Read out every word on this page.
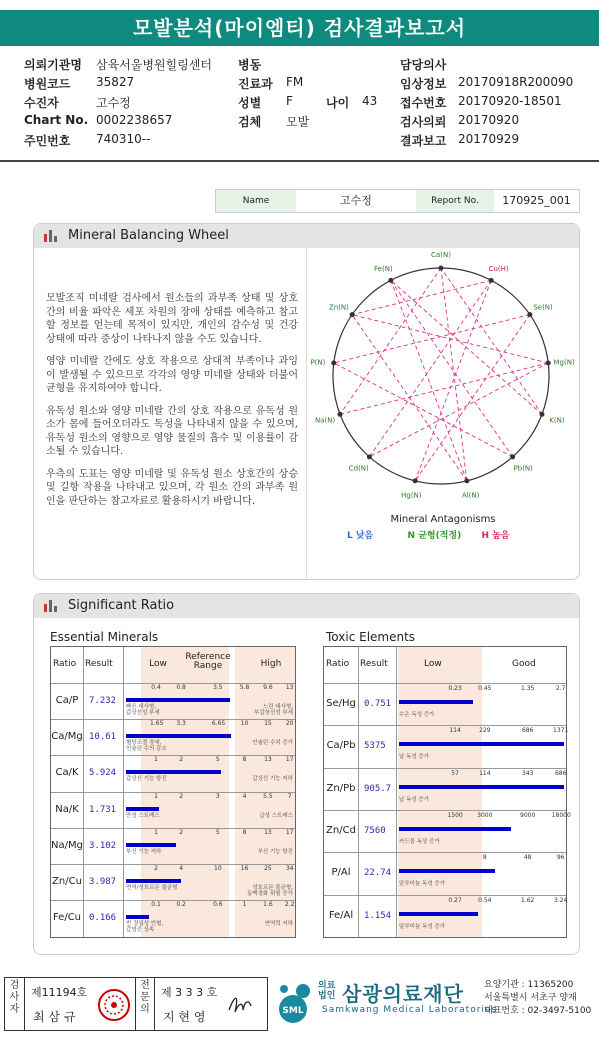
모발분석(마이엠티) 검사결과보고서
의뢰기관명 삼육서울병원힐링센터 병동	담당의사
병원코드 35827	진료과 FM	임상정보 20170918R200090
수진자	고수정	성별 F	나이 43 접수번호 20170920-18501
Chart No. 0002238657	검체 모발	검사의뢰 20170920
주민번호 740310--	결과보고 20170929
Name	고수정	Report No.	170925_001
Mineral Balancing Wheel

모발조직 미네랄 검사에서 원소들의 과부족 상태 및 상호간의 비율 파악은 세포 차원의 장애 상태를 예측하고 참고할 정보를 얻는데 목적이 있지만, 개인의 감수성 및 건강 상태에 따라 증상이 나타나지 않을 수도 있습니다.

영양 미네랄 간에도 상호 작용으로 상대적 부족이나 과잉이 발생될 수 있으므로 각각의 영양 미네랄 상태와 더불어 균형을 유지하여야 합니다.

유독성 원소와 영양 미네랄 간의 상호 작용으로 유독성 원소가 몸에 들어오더라도 독성을 나타내지 않을 수 있으며, 유독성 원소의 영향으로 영양 물질의 흡수 및 이용률이 감소될 수 있습니다.

우측의 도표는 영양 미네랄 및 유독성 원소 상호간의 상승 및 길항 작용을 나타내고 있으며, 각 원소 간의 과부족 원인을 판단하는 참고자료로 활용하시기 바랍니다.

Ca(N)
Cu(H)
Se(N)
Mg(N)
K(N)
Pb(N)
Al(N)
Hg(N)
Cd(N)
Na(N)
P(N)
Zn(N)
Fe(N)
Mineral Antagonisms
L 낮음	N 균형(적정) H 높음
Significant Ratio
Essential Minerals	Toxic Elements
Ratio Result	Low
Reference
Range	High
Ca/P	7.232
0.4	0.8	3.5	5.8 9.6	13
빠른 대사형,
갑상선성 부세
느린 대사형,
부갑상선성 부세
Ca/Mg 10.61
1.65 3.3	6.65	10	15	20
혈당조절 장애,
인슐린 수의 감소
인슐린 수치 증가
Ca/K	5.924
1	2	5	8	13	17
갑상선 기능 항진	갑상선 기능 저하
Na/K	1.731
1	2	3	4	5.5	7
만성 스트레스	급성 스트레스
Na/Mg 3.102
1	2	5	8	13	17
부신 기능 저하	부신 기능 항진
Zn/Cu 3.987
2	4	10	16	25	34
면역/성호르몬 불균형	성호르몬 불균형,
동맥경화 위험 증가
Fe/Cu 0.166
0.1	0.2	0.6	1	1.6 2.2
빈 결핍성 빈혈,
갑염증 상속
연역력 저하
Ratio Result	Low	Good
Se/Hg 0.751
0.23	0.45	1.35	2.7
수은 독성 증가
Ca/Pb 5375
114	229	686	1371
납 독성 증가
Zn/Pb 905.7
57	114	343	686
납 독성 증가
Zn/Cd 7560
1500 3000	9000	18000
카드뮴 독성 증가
P/Al	22.74
8	48	96
알루미늄 독성 증가
Fe/Al	1.154
0.27	0.54	1.62	3.24
알루미늄 독성 증가
검사자
제11194호
최 삼 규
전문의
제 3 3 3 호
지 현 영	SML
의료
법인 삼광의료재단
Samkwang Medical Laboratories
요양기관 : 11365200
서울특별시 서초구 양재
대표번호 : 02-3497-5100
